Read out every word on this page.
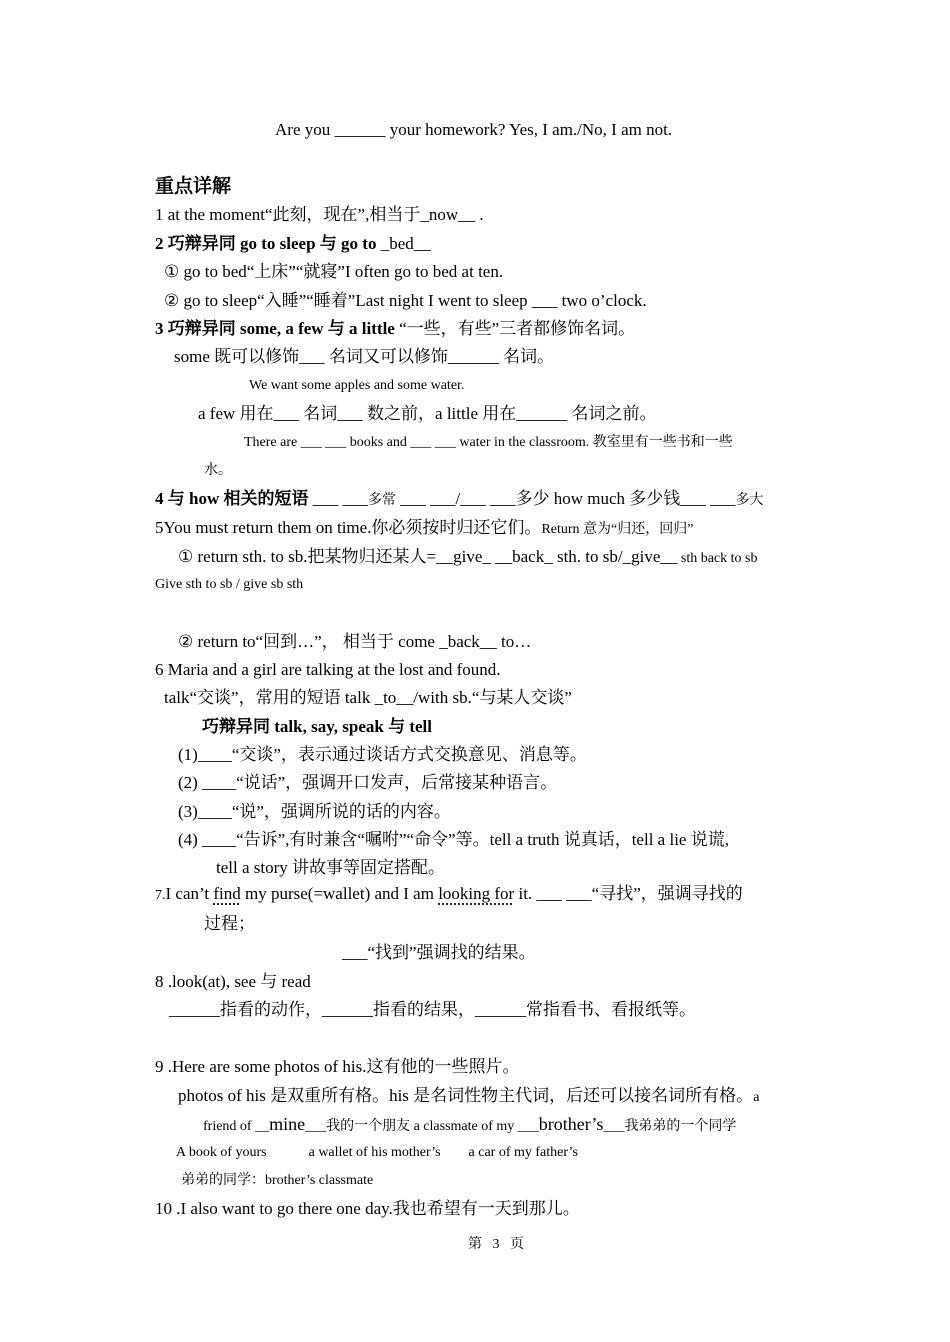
Are you ______ your homework? Yes, I am./No, I am not.
重点详解
1 at the moment“此刻，现在”,相当于_now__ .
2 巧辩异同 go to sleep 与 go to _bed__
① go to bed“上床”“就寝”I often go to bed at ten.
② go to sleep“入睡”“睡着”Last night I went to sleep ___ two o’clock.
3 巧辩异同 some, a few 与 a little “一些，有些”三者都修饰名词。
some 既可以修饰___ 名词又可以修饰______ 名词。
We want some apples and some water.
a few 用在___ 名词___ 数之前，a little 用在______ 名词之前。
There are ___ ___ books and ___ ___ water in the classroom. 教室里有一些书和一些
水。
4 与 how 相关的短语 ___ ___多常 ___ ___/___ ___多少 how much 多少钱___ ___多大
5You must return them on time.你必须按时归还它们。Return 意为“归还，回归”
① return sth. to sb.把某物归还某人=__give_ __back_ sth. to sb/_give__ sth back to sb
Give sth to sb / give sb sth
② return to“回到…”， 相当于 come _back__ to…
6 Maria and a girl are talking at the lost and found.
talk“交谈”，常用的短语 talk _to__/with sb.“与某人交谈”
巧辩异同 talk, say, speak 与 tell
(1)____“交谈”，表示通过谈话方式交换意见、消息等。
(2) ____“说话”，强调开口发声，后常接某种语言。
(3)____“说”，强调所说的话的内容。
(4) ____“告诉”,有时兼含“嘱咐”“命令”等。tell a truth 说真话，tell a lie 说谎,
tell a story 讲故事等固定搭配。
7.I can’t find my purse(=wallet) and I am looking for it. ___ ___“寻找”，强调寻找的
过程；
___“找到”强调找的结果。
8 .look(at), see 与 read
______指看的动作，______指看的结果，______常指看书、看报纸等。
9 .Here are some photos of his.这有他的一些照片。
photos of his 是双重所有格。his 是名词性物主代词，后还可以接名词所有格。a
friend of __mine___我的一个朋友 a classmate of my ___brother’s___我弟弟的一个同学
A book of yours            a wallet of his mother’s        a car of my father’s
弟弟的同学：brother’s classmate
10 .I also want to go there one day.我也希望有一天到那儿。
第   3   页
